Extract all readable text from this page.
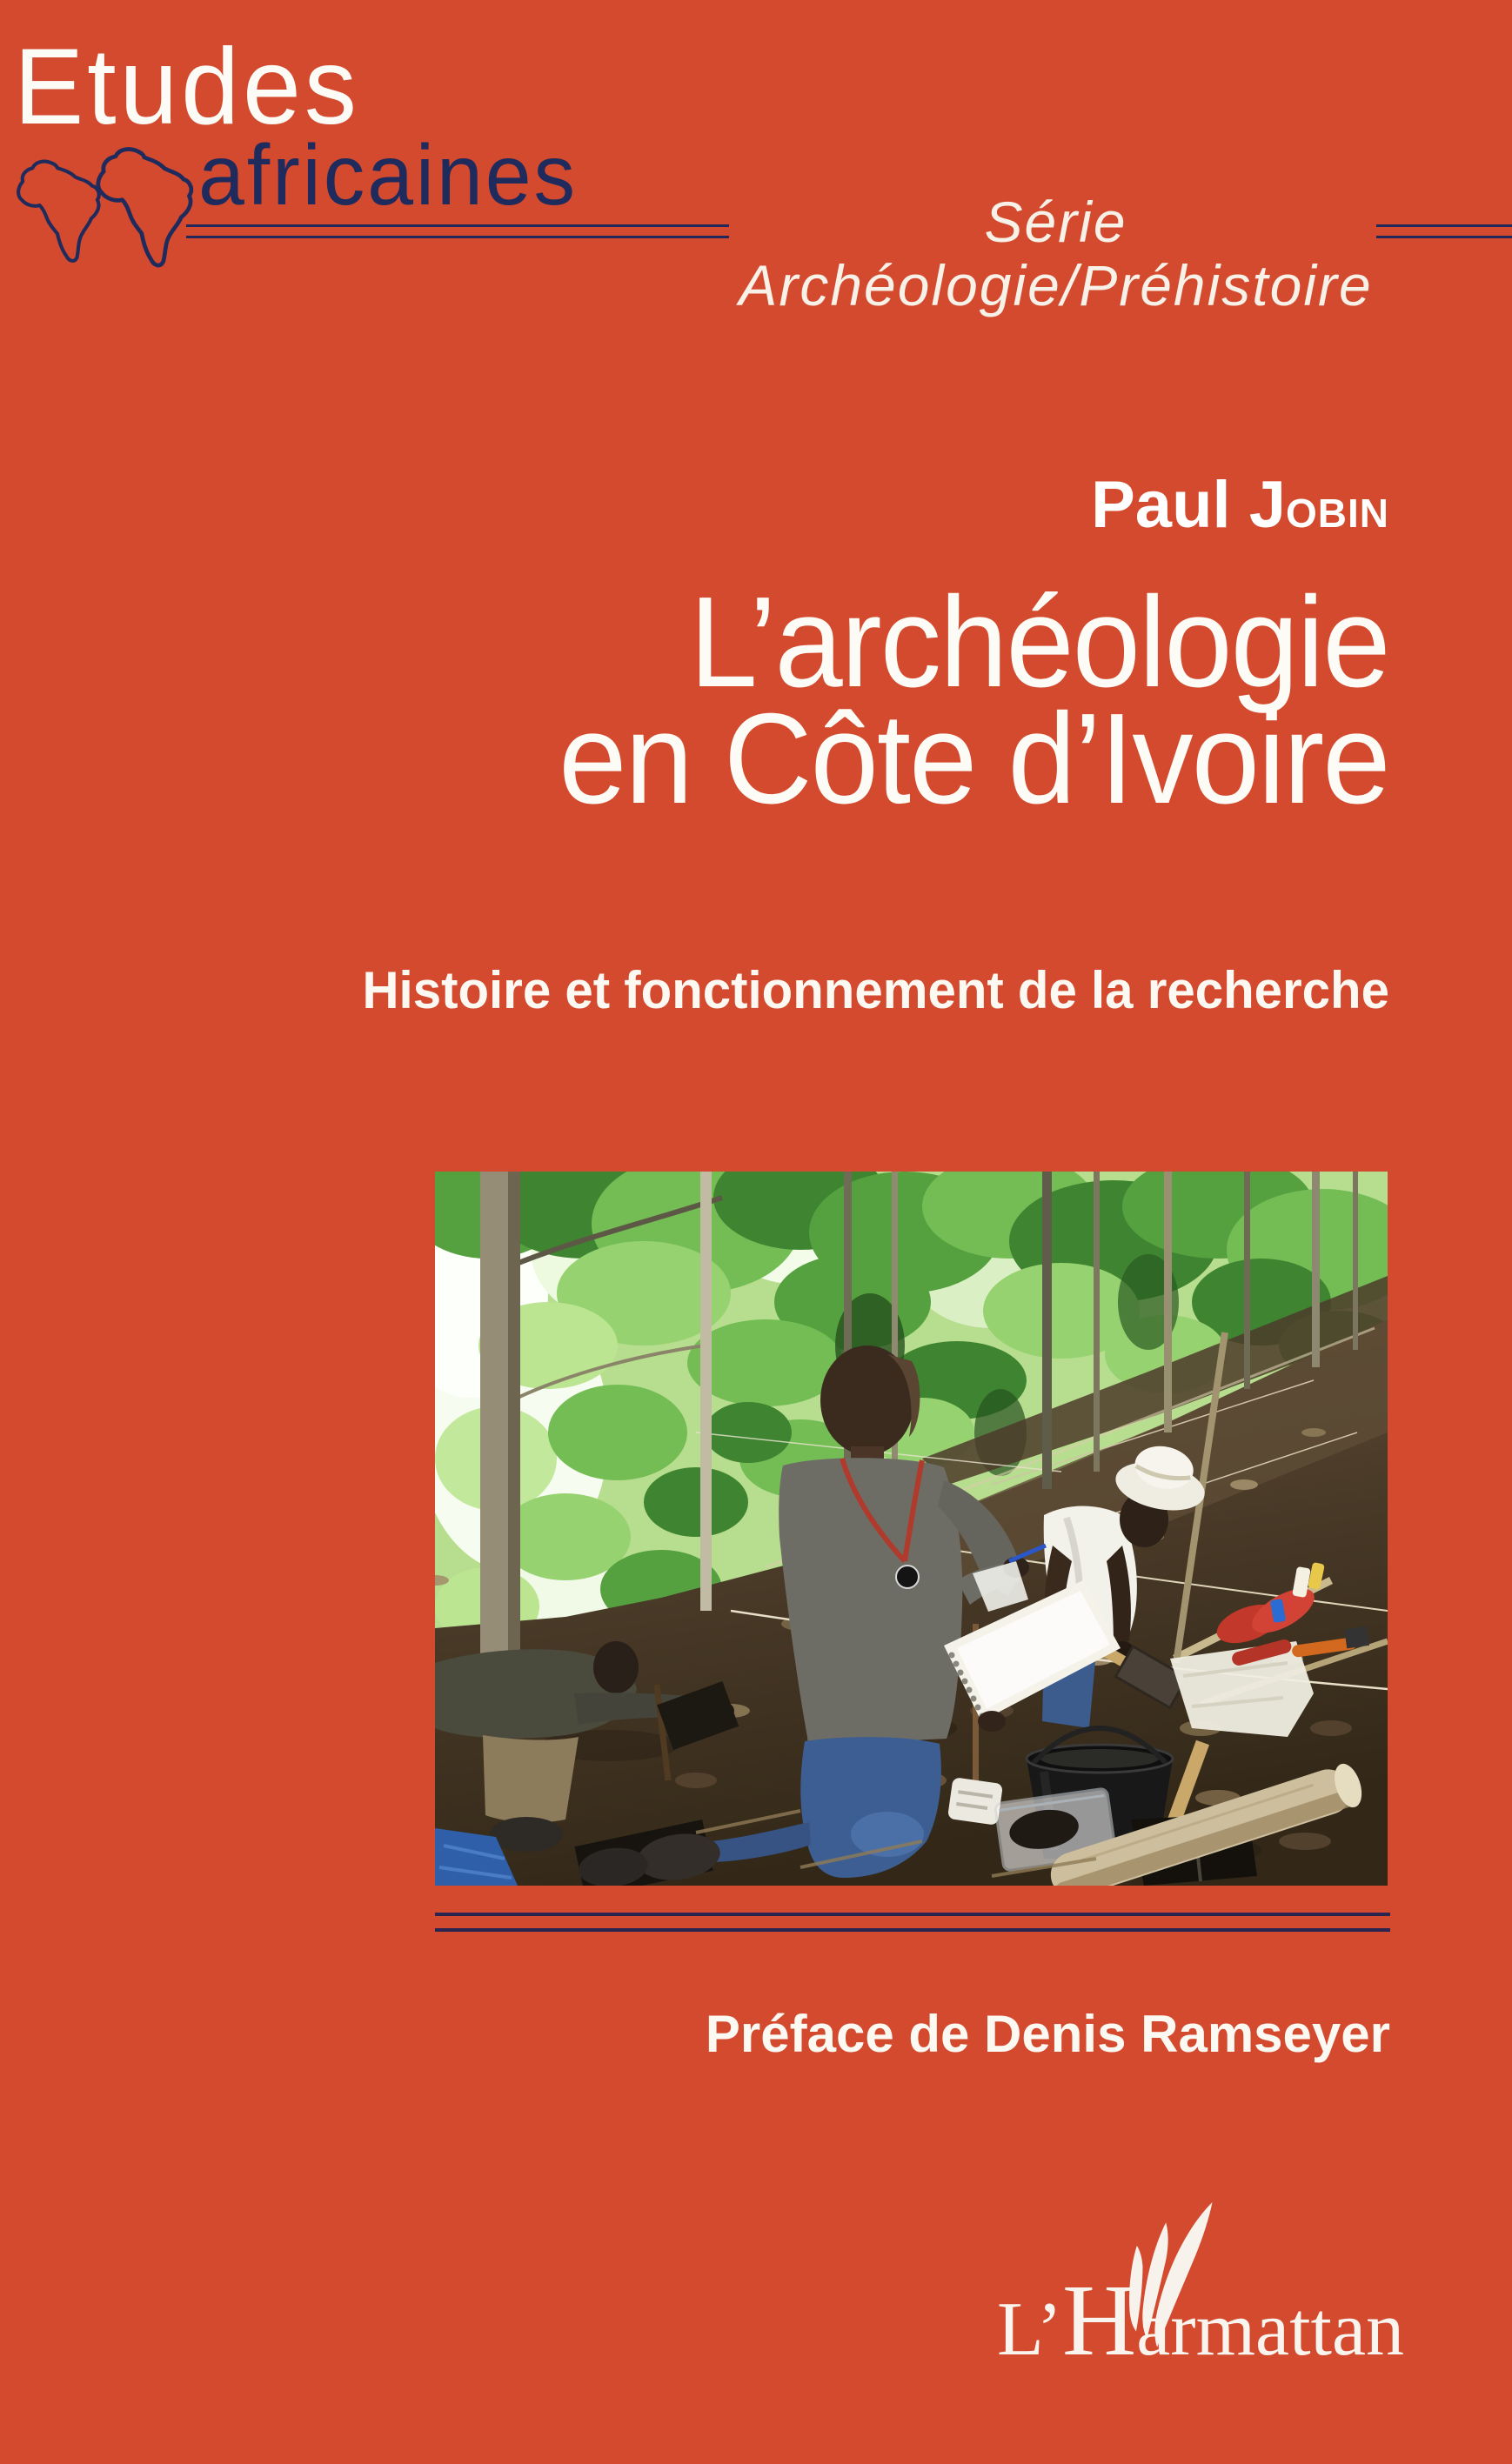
Etudes
africaines	Série Archéologie/Préhistoire
Paul JOBIN
L’archéologie
en Côte d’Ivoire
Histoire et fonctionnement de la recherche
Préface de Denis Ramseyer
L’Harmattan
